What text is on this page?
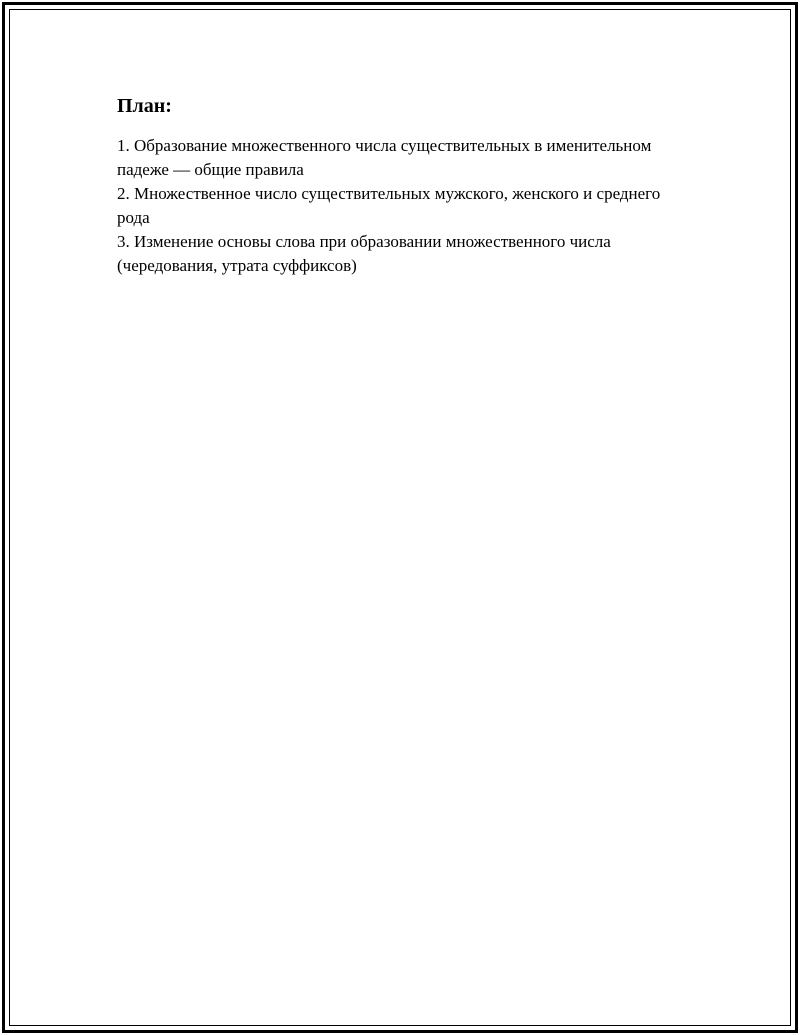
План:
1. Образование множественного числа существительных в именительном падеже — общие правила
2. Множественное число существительных мужского, женского и среднего рода
3. Изменение основы слова при образовании множественного числа (чередования, утрата суффиксов)
